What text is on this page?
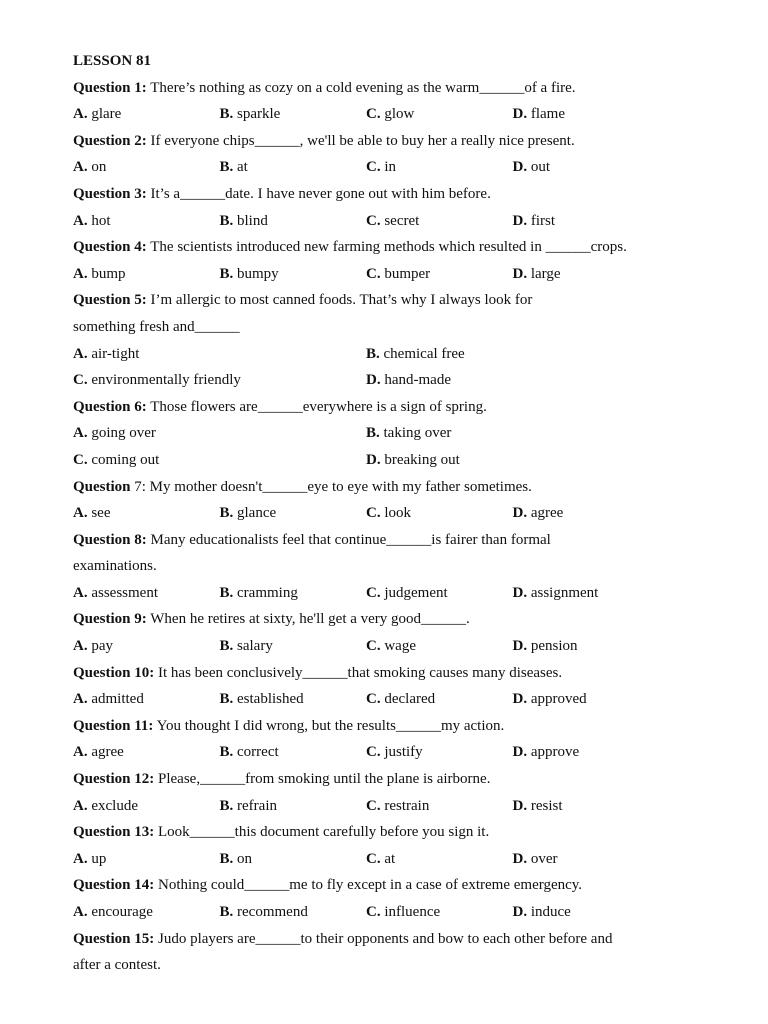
LESSON 81
Question 1: There’s nothing as cozy on a cold evening as the warm______of a fire.
A. glare	B. sparkle	C. glow	D. flame
Question 2: If everyone chips______, we'll be able to buy her a really nice present.
A. on	B. at	C. in	D. out
Question 3: It’s a______date. I have never gone out with him before.
A. hot	B. blind	C. secret	D. first
Question 4: The scientists introduced new farming methods which resulted in ______crops.
A. bump	B. bumpy	C. bumper	D. large
Question 5: I’m allergic to most canned foods. That’s why I always look for
something fresh and______
A. air-tight	B. chemical free
C. environmentally friendly	D. hand-made
Question 6: Those flowers are______everywhere is a sign of spring.
A. going over	B. taking over
C. coming out	D. breaking out
Question 7: My mother doesn't______eye to eye with my father sometimes.
A. see	B. glance	C. look	D. agree
Question 8: Many educationalists feel that continue______is fairer than formal
examinations.
A. assessment	B. cramming	C. judgement	D. assignment
Question 9: When he retires at sixty, he'll get a very good______.
A. pay	B. salary	C. wage	D. pension
Question 10: It has been conclusively______that smoking causes many diseases.
A. admitted	B. established	C. declared	D. approved
Question 11: You thought I did wrong, but the results______my action.
A. agree	B. correct	C. justify	D. approve
Question 12: Please,______from smoking until the plane is airborne.
A. exclude	B. refrain	C. restrain	D. resist
Question 13: Look______this document carefully before you sign it.
A. up	B. on	C. at	D. over
Question 14: Nothing could______me to fly except in a case of extreme emergency.
A. encourage	B. recommend	C. influence	D. induce
Question 15: Judo players are______to their opponents and bow to each other before and
after a contest.
